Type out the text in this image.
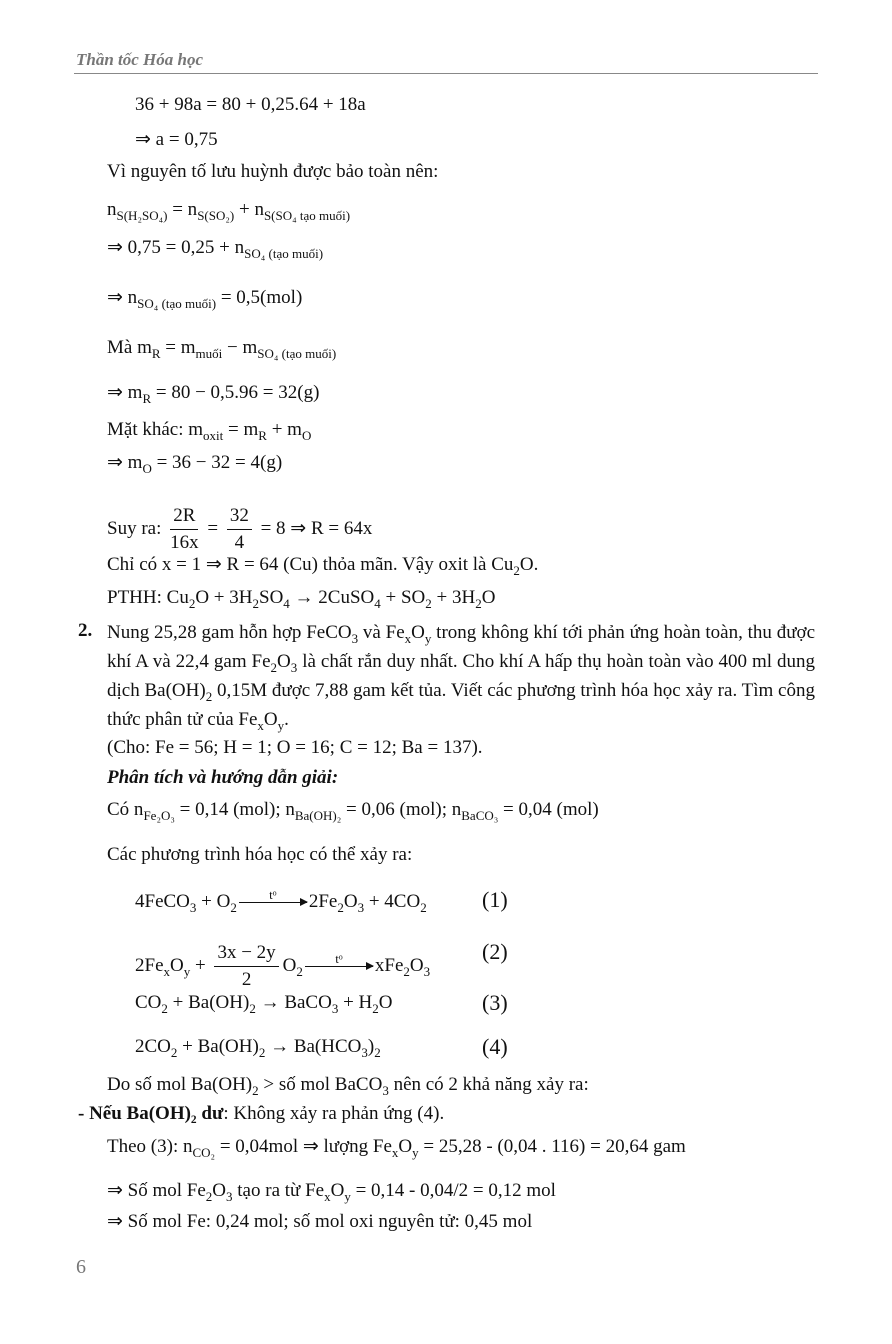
Thần tốc Hóa học
36 + 98a = 80 + 0,25.64 + 18a
⇒ a = 0,75
Vì nguyên tố lưu huỳnh được bảo toàn nên:
$n_{S(H_2SO_4)} = n_{S(SO_2)} + n_{S(SO_4 tạo muối)}$
⇒ $0,75 = 0,25 + n_{SO_4 (tạo muối)}$
⇒ $n_{SO_4 (tạo muối)} = 0,5(mol)$
Mà $m_R = m_{muối} - m_{SO_4 (tạo muối)}$
⇒ $m_R = 80 - 0,5.96 = 32(g)$
Mặt khác: $m_{oxit} = m_R + m_O$
⇒ $m_O = 36 - 32 = 4(g)$
Suy ra: $\frac{2R}{16x} = \frac{32}{4} = 8$ ⇒ R = 64x
Chỉ có x = 1 ⇒ R = 64 (Cu) thỏa mãn. Vậy oxit là $Cu_2O$.
PTHH: $Cu_2O + 3H_2SO_4$ → 2CuSO$_4$ + $SO_2 + 3H_2O$
2. Nung 25,28 gam hỗn hợp FeCO$_3$ và $Fe_xO_y$ trong không khí tới phản ứng hoàn toàn, thu được khí A và 22,4 gam $Fe_2O_3$ là chất rắn duy nhất. Cho khí A hấp thụ hoàn toàn vào 400 ml dung dịch $Ba(OH)_2$ 0,15M được 7,88 gam kết tủa. Viết các phương trình hóa học xảy ra. Tìm công thức phân tử của $Fe_xO_y$.
(Cho: Fe = 56; H = 1; O = 16; C = 12; Ba = 137).
Phân tích và hướng dẫn giải:
Có $n_{Fe_2O_3} = 0,14$ (mol); $n_{Ba(OH)_2} = 0,06$ (mol); $n_{BaCO_3} = 0,04$ (mol)
Các phương trình hóa học có thể xảy ra:
4FeCO$_3$ + $O_2$
tᵒ
$2Fe_2O_3 + 4CO_2$	(1)
$2Fe_xO_y + \frac{3x - 2y}{2} O_2$
tᵒ
$xFe_2O_3$
(2)
$CO_2 + Ba(OH)_2$ → BaCO$_3$ + $H_2O$	(3)
$2CO_2 + Ba(OH)_2 \to Ba(HCO_3)_2$	(4)
Do số mol $Ba(OH)_2$ > số mol BaCO$_3$ nên có 2 khả năng xảy ra:
- Nếu Ba(OH)₂ dư: Không xảy ra phản ứng (4).
Theo (3): $n_{CO_2} = 0,04mol$ ⇒ lượng $Fe_xO_y = 25,28 - (0,04$ . 116) = 20,64 gam
⇒ Số mol $Fe_2O_3$ tạo ra từ $Fe_xO_y = 0,14 - 0,04/2 = 0,12$ mol
⇒ Số mol Fe: 0,24 mol; số mol oxi nguyên tử: 0,45 mol
6
